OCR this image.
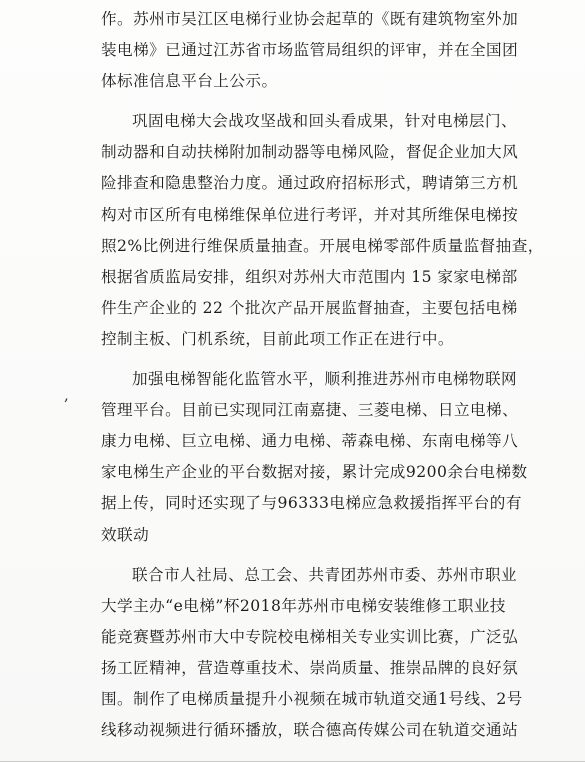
作。苏州市吴江区电梯行业协会起草的《既有建筑物室外加
装电梯》已通过江苏省市场监管局组织的评审，并在全国团
体标准信息平台上公示。

巩固电梯大会战攻坚战和回头看成果，针对电梯层门、
制动器和自动扶梯附加制动器等电梯风险，督促企业加大风
险排查和隐患整治力度。通过政府招标形式，聘请第三方机
构对市区所有电梯维保单位进行考评，并对其所维保电梯按
照2%比例进行维保质量抽查。开展电梯零部件质量监督抽查，
根据省质监局安排，组织对苏州大市范围内 15 家家电梯部
件生产企业的 22 个批次产品开展监督抽查，主要包括电梯
控制主板、门机系统，目前此项工作正在进行中。

加强电梯智能化监管水平，顺利推进苏州市电梯物联网
管理平台。目前已实现同江南嘉捷、三菱电梯、日立电梯、
康力电梯、巨立电梯、通力电梯、蒂森电梯、东南电梯等八
家电梯生产企业的平台数据对接，累计完成9200余台电梯数
据上传，同时还实现了与96333电梯应急救援指挥平台的有
效联动

联合市人社局、总工会、共青团苏州市委、苏州市职业
大学主办“e电梯”杯2018年苏州市电梯安装维修工职业技
能竞赛暨苏州市大中专院校电梯相关专业实训比赛，广泛弘
扬工匠精神，营造尊重技术、崇尚质量、推崇品牌的良好氛
围。制作了电梯质量提升小视频在城市轨道交通1号线、2号
线移动视频进行循环播放，联合德高传媒公司在轨道交通站

,
